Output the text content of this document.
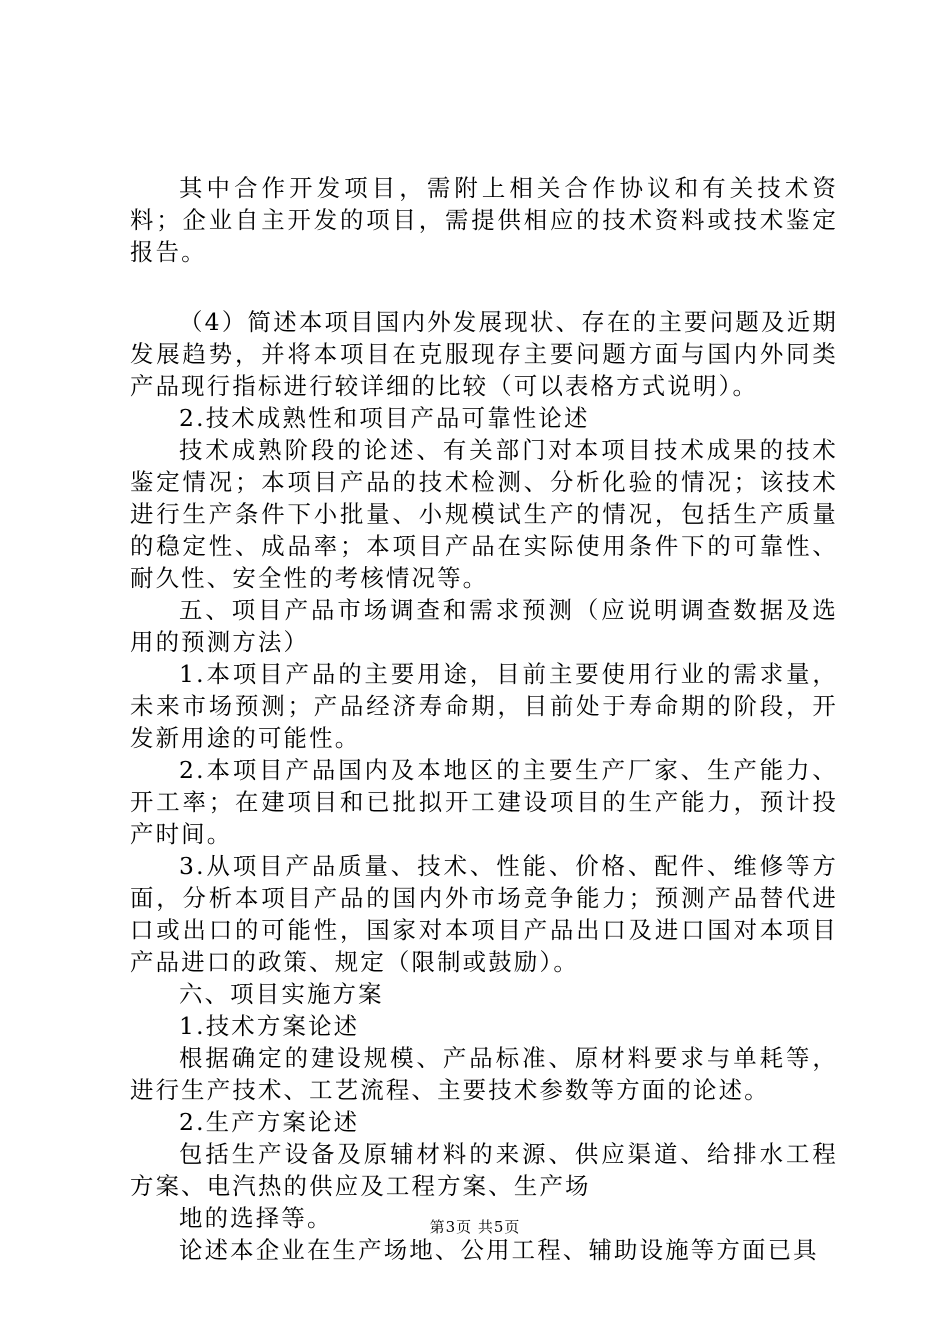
其中合作开发项目，需附上相关合作协议和有关技术资料；企业自主开发的项目，需提供相应的技术资料或技术鉴定报告。

（4）简述本项目国内外发展现状、存在的主要问题及近期发展趋势，并将本项目在克服现存主要问题方面与国内外同类产品现行指标进行较详细的比较（可以表格方式说明）。

2.技术成熟性和项目产品可靠性论述

技术成熟阶段的论述、有关部门对本项目技术成果的技术鉴定情况；本项目产品的技术检测、分析化验的情况；该技术进行生产条件下小批量、小规模试生产的情况，包括生产质量的稳定性、成品率；本项目产品在实际使用条件下的可靠性、耐久性、安全性的考核情况等。

五、项目产品市场调查和需求预测（应说明调查数据及选用的预测方法）

1.本项目产品的主要用途，目前主要使用行业的需求量，未来市场预测；产品经济寿命期，目前处于寿命期的阶段，开发新用途的可能性。

2.本项目产品国内及本地区的主要生产厂家、生产能力、开工率；在建项目和已批拟开工建设项目的生产能力，预计投产时间。

3.从项目产品质量、技术、性能、价格、配件、维修等方面，分析本项目产品的国内外市场竞争能力；预测产品替代进口或出口的可能性，国家对本项目产品出口及进口国对本项目产品进口的政策、规定（限制或鼓励）。

六、项目实施方案

1.技术方案论述

根据确定的建设规模、产品标准、原材料要求与单耗等，进行生产技术、工艺流程、主要技术参数等方面的论述。

2.生产方案论述

包括生产设备及原辅材料的来源、供应渠道、给排水工程方案、电汽热的供应及工程方案、生产场

地的选择等。

论述本企业在生产场地、公用工程、辅助设施等方面已具

第3页 共5页
